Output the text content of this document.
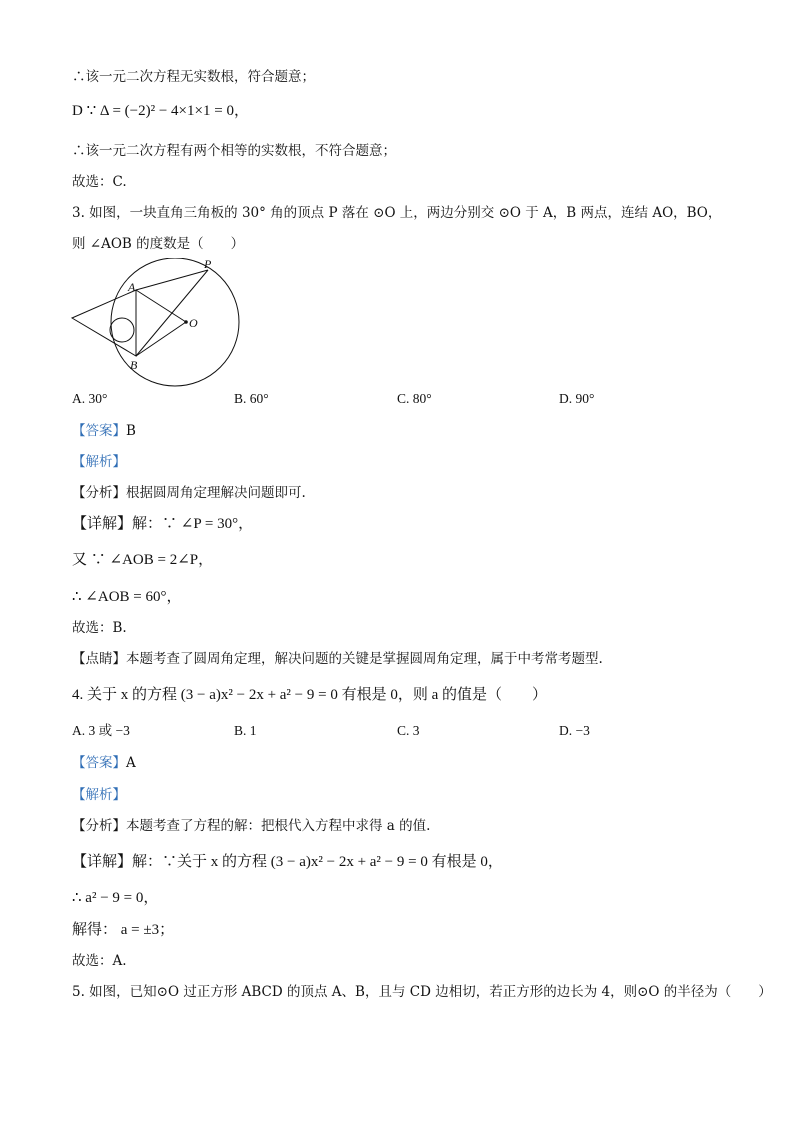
∴该一元二次方程无实数根，符合题意；
D ∵ Δ = (−2)² − 4×1×1 = 0，
∴该一元二次方程有两个相等的实数根，不符合题意；
故选：C.
3. 如图，一块直角三角板的 30° 角的顶点 P 落在 ⊙O 上，两边分别交 ⊙O 于 A，B 两点，连结 AO，BO，
则 ∠AOB 的度数是（　　）
A
B
P
O
A. 30°	B. 60°	C. 80°	D. 90°
【答案】B
【解析】
【分析】根据圆周角定理解决问题即可.
【详解】解：∵ ∠P = 30°，
又 ∵ ∠AOB = 2∠P，
∴ ∠AOB = 60°，
故选：B.
【点睛】本题考查了圆周角定理，解决问题的关键是掌握圆周角定理，属于中考常考题型.
4. 关于 x 的方程 (3 − a)x² − 2x + a² − 9 = 0 有根是 0，则 a 的值是（　　）
A. 3 或 −3	B. 1	C. 3	D. −3
【答案】A
【解析】
【分析】本题考查了方程的解：把根代入方程中求得 a 的值.
【详解】解：∵关于 x 的方程 (3 − a)x² − 2x + a² − 9 = 0 有根是 0，
∴ a² − 9 = 0，
解得： a = ±3；
故选：A.
5. 如图，已知⊙O 过正方形 ABCD 的顶点 A、B，且与 CD 边相切，若正方形的边长为 4，则⊙O 的半径为（　　）
